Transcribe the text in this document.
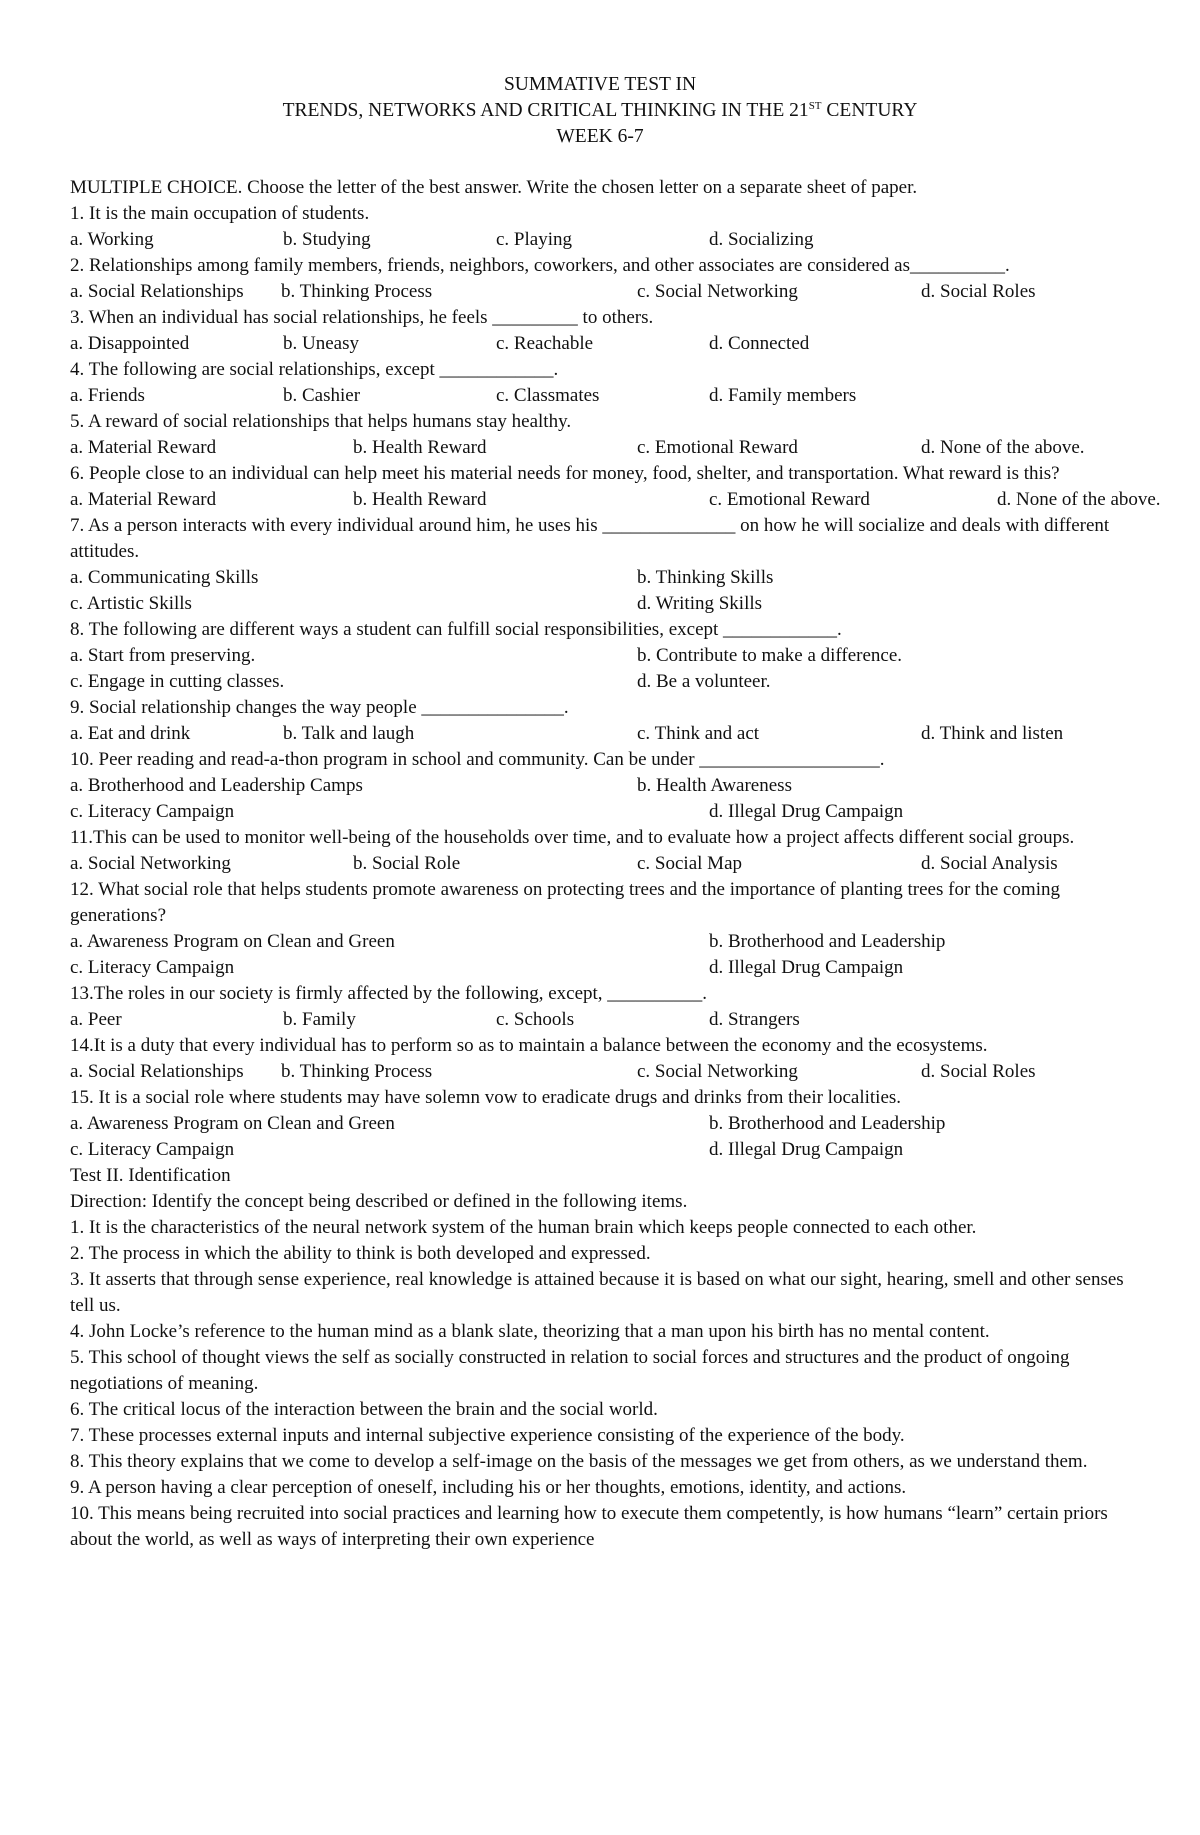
SUMMATIVE TEST IN
TRENDS, NETWORKS AND CRITICAL THINKING IN THE 21ST CENTURY
WEEK 6-7

MULTIPLE CHOICE. Choose the letter of the best answer. Write the chosen letter on a separate sheet of paper.

1. It is the main occupation of students.

a. Working	b. Studying	c. Playing	d. Socializing

2. Relationships among family members, friends, neighbors, coworkers, and other associates are considered as__________.

a. Social Relationships b. Thinking Process	c. Social Networking	d. Social Roles

3. When an individual has social relationships, he feels _________ to others.

a. Disappointed	b. Uneasy	c. Reachable	d. Connected

4. The following are social relationships, except ____________.

a. Friends	b. Cashier	c. Classmates	d. Family members

5. A reward of social relationships that helps humans stay healthy.

a. Material Reward	b. Health Reward	c. Emotional Reward	d. None of the above.

6. People close to an individual can help meet his material needs for money, food, shelter, and transportation. What reward is this?

a. Material Reward	b. Health Reward	c. Emotional Reward	d. None of the above.

7. As a person interacts with every individual around him, he uses his ______________ on how he will socialize and deals with different attitudes.

a. Communicating Skills	b. Thinking Skills
c. Artistic Skills	d. Writing Skills

8. The following are different ways a student can fulfill social responsibilities, except ____________.

a. Start from preserving.	b. Contribute to make a difference.
c. Engage in cutting classes.	d. Be a volunteer.

9. Social relationship changes the way people _______________.

a. Eat and drink	b. Talk and laugh	c. Think and act	d. Think and listen

10. Peer reading and read-a-thon program in school and community. Can be under ___________________.

a. Brotherhood and Leadership Camps	b. Health Awareness
c. Literacy Campaign	d. Illegal Drug Campaign

11.This can be used to monitor well-being of the households over time, and to evaluate how a project affects different social groups.

a. Social Networking	b. Social Role	c. Social Map	d. Social Analysis

12. What social role that helps students promote awareness on protecting trees and the importance of planting trees for the coming generations?

a. Awareness Program on Clean and Green	b. Brotherhood and Leadership
c. Literacy Campaign	d. Illegal Drug Campaign

13.The roles in our society is firmly affected by the following, except, __________.

a. Peer	b. Family	c. Schools	d. Strangers

14.It is a duty that every individual has to perform so as to maintain a balance between the economy and the ecosystems.

a. Social Relationships b. Thinking Process	c. Social Networking	d. Social Roles

15. It is a social role where students may have solemn vow to eradicate drugs and drinks from their localities.

a. Awareness Program on Clean and Green	b. Brotherhood and Leadership
c. Literacy Campaign	d. Illegal Drug Campaign

Test II. Identification

Direction: Identify the concept being described or defined in the following items.

1. It is the characteristics of the neural network system of the human brain which keeps people connected to each other.

2. The process in which the ability to think is both developed and expressed.

3. It asserts that through sense experience, real knowledge is attained because it is based on what our sight, hearing, smell and other senses tell us.

4. John Locke’s reference to the human mind as a blank slate, theorizing that a man upon his birth has no mental content.

5. This school of thought views the self as socially constructed in relation to social forces and structures and the product of ongoing negotiations of meaning.

6. The critical locus of the interaction between the brain and the social world.

7. These processes external inputs and internal subjective experience consisting of the experience of the body.

8. This theory explains that we come to develop a self-image on the basis of the messages we get from others, as we understand them.

9. A person having a clear perception of oneself, including his or her thoughts, emotions, identity, and actions.

10. This means being recruited into social practices and learning how to execute them competently, is how humans “learn” certain priors about the world, as well as ways of interpreting their own experience
